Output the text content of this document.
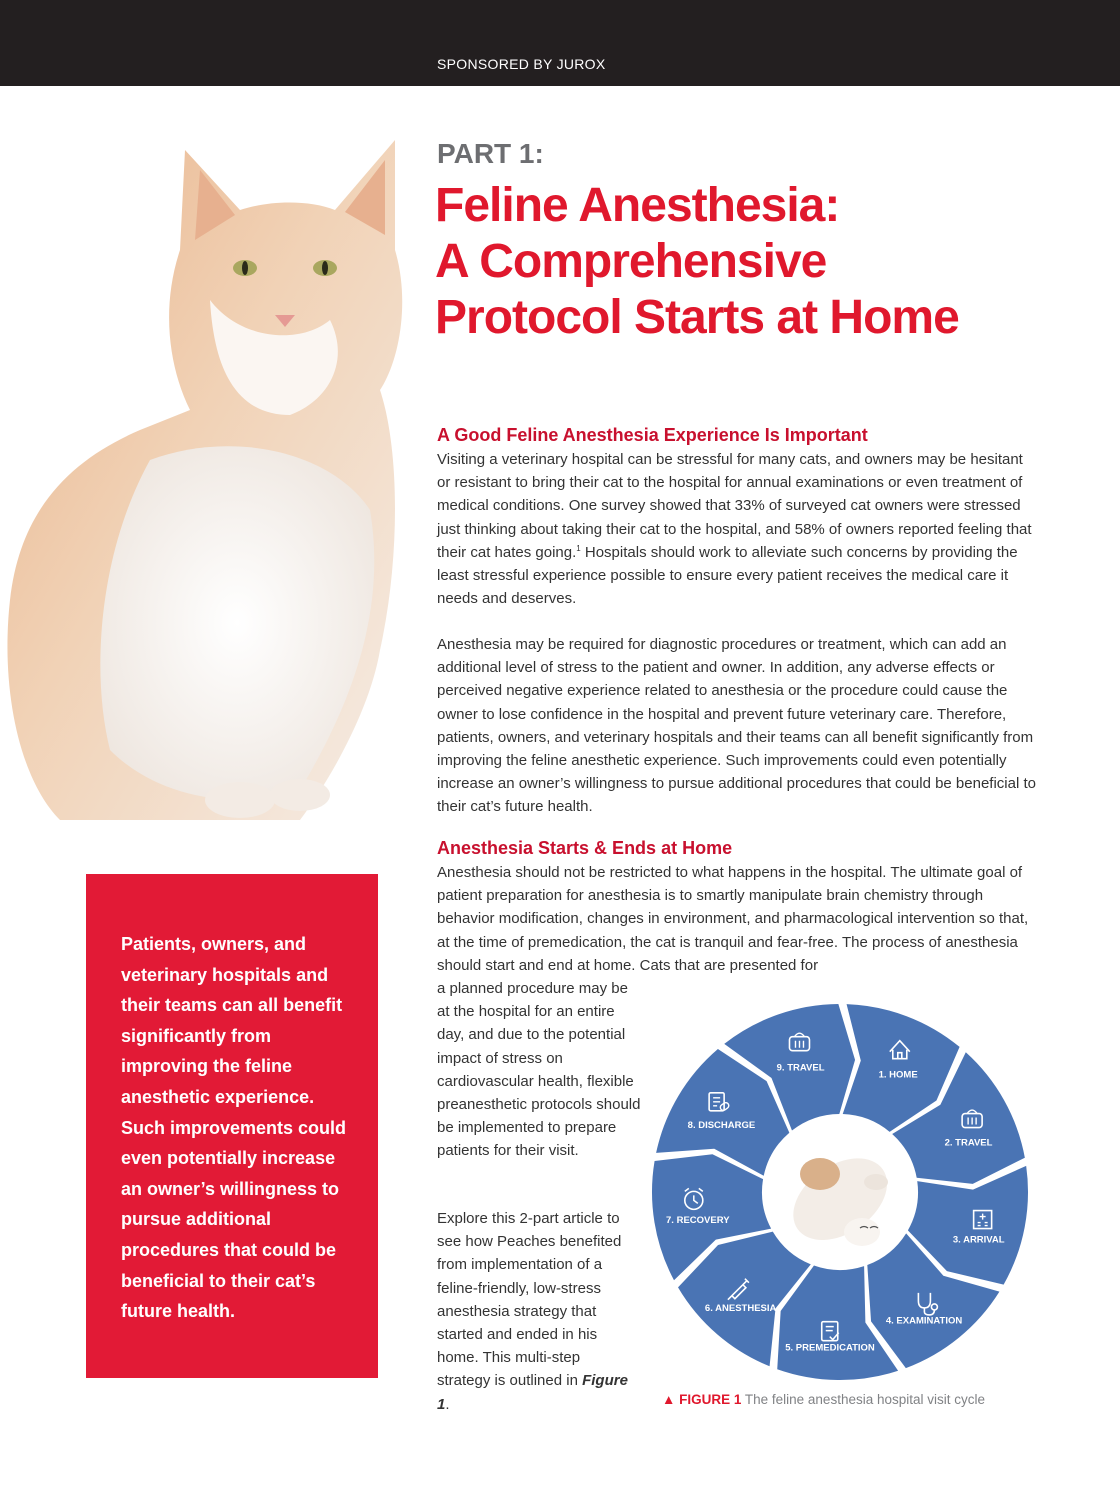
SPONSORED BY JUROX
PART 1:
Feline Anesthesia:
A Comprehensive
Protocol Starts at Home
A Good Feline Anesthesia Experience Is Important

Visiting a veterinary hospital can be stressful for many cats, and owners may be hesitant or resistant to bring their cat to the hospital for annual examinations or even treatment of medical conditions. One survey showed that 33% of surveyed cat owners were stressed just thinking about taking their cat to the hospital, and 58% of owners reported feeling that their cat hates going.$^1$ Hospitals should work to alleviate such concerns by providing the least stressful experience possible to ensure every patient receives the medical care it needs and deserves.

Anesthesia may be required for diagnostic procedures or treatment, which can add an additional level of stress to the patient and owner. In addition, any adverse effects or perceived negative experience related to anesthesia or the procedure could cause the owner to lose confidence in the hospital and prevent future veterinary care. Therefore, patients, owners, and veterinary hospitals and their teams can all benefit significantly from improving the feline anesthetic experience. Such improvements could even potentially increase an owner’s willingness to pursue additional procedures that could be beneficial to their cat’s future health.

Anesthesia Starts & Ends at Home

Anesthesia should not be restricted to what happens in the hospital. The ultimate goal of patient preparation for anesthesia is to smartly manipulate brain chemistry through behavior modification, changes in environment, and pharmacological intervention so that, at the time of premedication, the cat is tranquil and fear-free. The process of anesthesia should start and end at home. Cats that are presented for

a planned procedure may be at the hospital for an entire day, and due to the potential impact of stress on cardiovascular health, flexible preanesthetic protocols should be implemented to prepare patients for their visit.

Explore this 2-part article to see how Peaches benefited from implementation of a feline-friendly, low-stress anesthesia strategy that started and ended in his home. This multi-step strategy is outlined in Figure 1.

Patients, owners, and veterinary hospitals and their teams can all benefit significantly from improving the feline anesthetic experience. Such improvements could even potentially increase an owner’s willingness to pursue additional procedures that could be beneficial to their cat’s future health.

1. HOME
2. TRAVEL
3. ARRIVAL
4. EXAMINATION
5. PREMEDICATION
6. ANESTHESIA
7. RECOVERY
8. DISCHARGE
9. TRAVEL
▲ FIGURE 1 The feline anesthesia hospital visit cycle
